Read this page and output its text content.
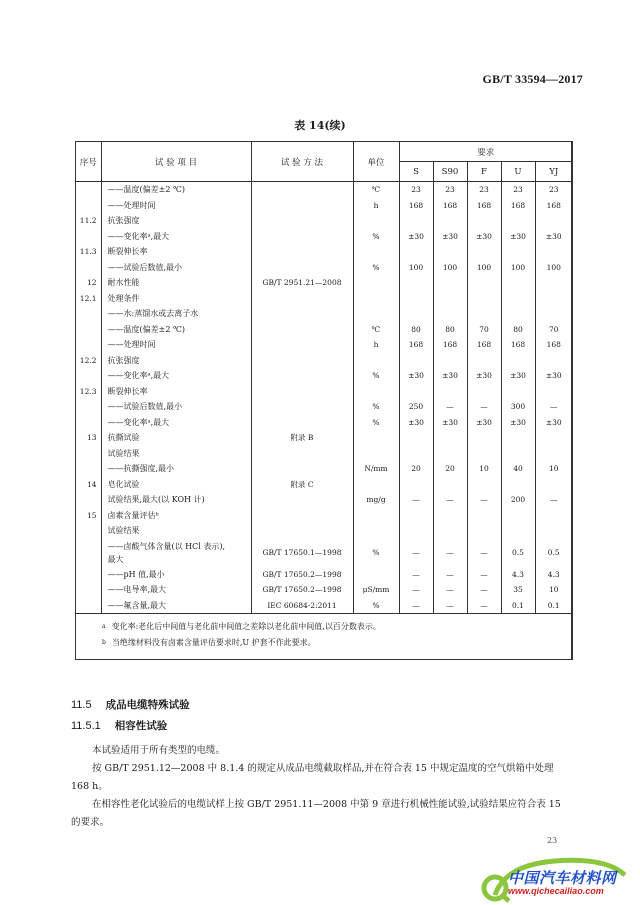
GB/T 33594—2017
表 14(续)
序号	试 验 项 目	试 验 方 法	单位	要求				
				S	S90	F	U	YJ
	——温度(偏差±2 ℃)		℃	23	23	23	23	23
	——处理时间		h	168	168	168	168	168
11.2	抗张强度							
	——变化率ᵃ,最大		%	±30	±30	±30	±30	±30
11.3	断裂伸长率							
	——试验后数值,最小		%	100	100	100	100	100
12	耐水性能	GB/T 2951.21—2008						
12.1	处理条件							
	——水:蒸馏水或去离子水							
	——温度(偏差±2 ℃)		℃	80	80	70	80	70
	——处理时间		h	168	168	168	168	168
12.2	抗张强度							
	——变化率ᵃ,最大		%	±30	±30	±30	±30	±30
12.3	断裂伸长率							
	——试验后数值,最小		%	250	—	—	300	—
	——变化率ᵃ,最大		%	±30	±30	±30	±30	±30
13	抗撕试验	附录 B						
	试验结果							
	——抗撕强度,最小		N/mm	20	20	10	40	10
14	皂化试验	附录 C						
	试验结果,最大(以 KOH 计)		mg/g	—	—	—	200	—
15	卤素含量评估ᵇ							
	试验结果							
	——卤酸气体含量(以 HCl 表示),
最大	GB/T 17650.1—1998	%	—	—	—	0.5	0.5
	——pH 值,最小	GB/T 17650.2—1998		—	—	—	4.3	4.3
	——电导率,最大	GB/T 17650.2—1998	μS/mm	—	—	—	35	10
	——氟含量,最大	IEC 60684-2:2011	%	—	—	—	0.1	0.1
$^a$ 变化率:老化后中间值与老化前中间值之差除以老化前中间值,以百分数表示。
$^b$ 当绝缘材料没有卤素含量评估要求时,U 护套不作此要求。
11.5 成品电缆特殊试验
11.5.1 相容性试验
本试验适用于所有类型的电缆。
按 GB/T 2951.12—2008 中 8.1.4 的规定从成品电缆截取样品,并在符合表 15 中规定温度的空气烘箱中处理 168 h。
在相容性老化试验后的电缆试样上按 GB/T 2951.11—2008 中第 9 章进行机械性能试验,试验结果应符合表 15 的要求。
23
中国汽车材料网
www.qichecailiao.com
